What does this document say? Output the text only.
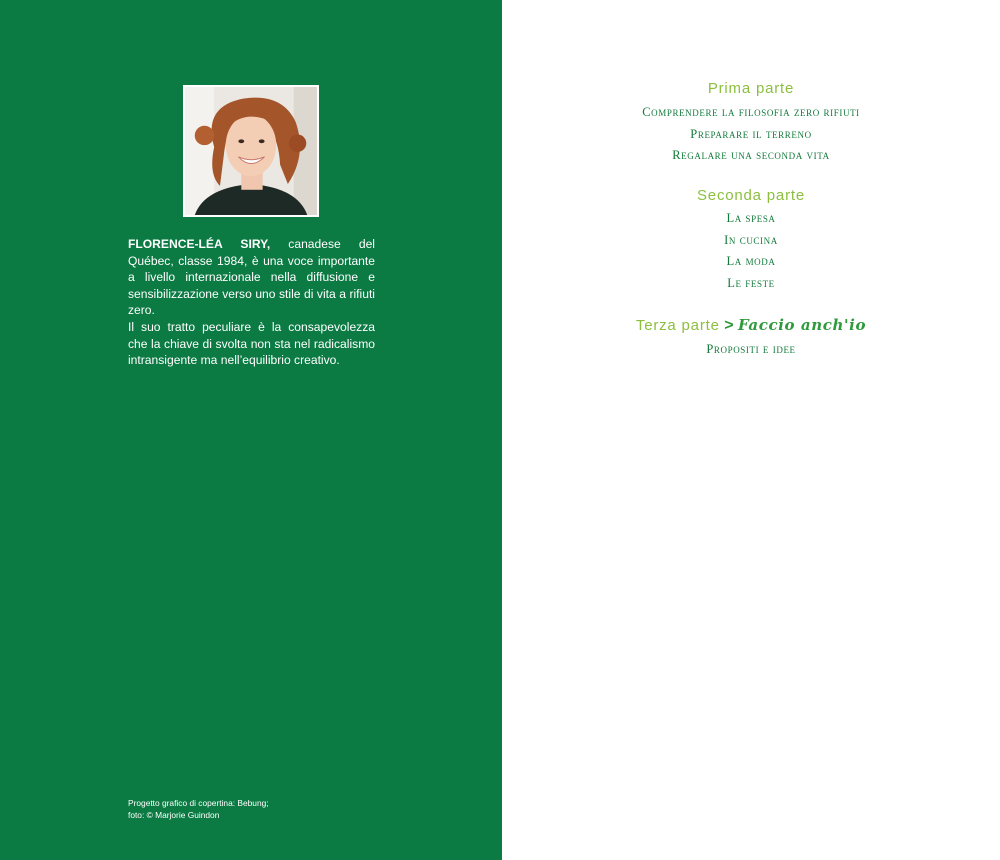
FLORENCE-LÉA SIRY, canadese del Québec, classe 1984, è una voce importante a livello internazionale nella diffusione e sensibilizzazione verso uno stile di vita a rifiuti zero.

Il suo tratto peculiare è la consapevolezza che la chiave di svolta non sta nel radicalismo intransigente ma nell’equilibrio creativo.

Progetto grafico di copertina: Bebung;
foto: © Marjorie Guindon
Prima parte
Comprendere la filosofia zero rifiuti
Preparare il terreno
Regalare una seconda vita
Seconda parte
La spesa
In cucina
La moda
Le feste
Terza parte > Faccio anch'io
Propositi e idee
